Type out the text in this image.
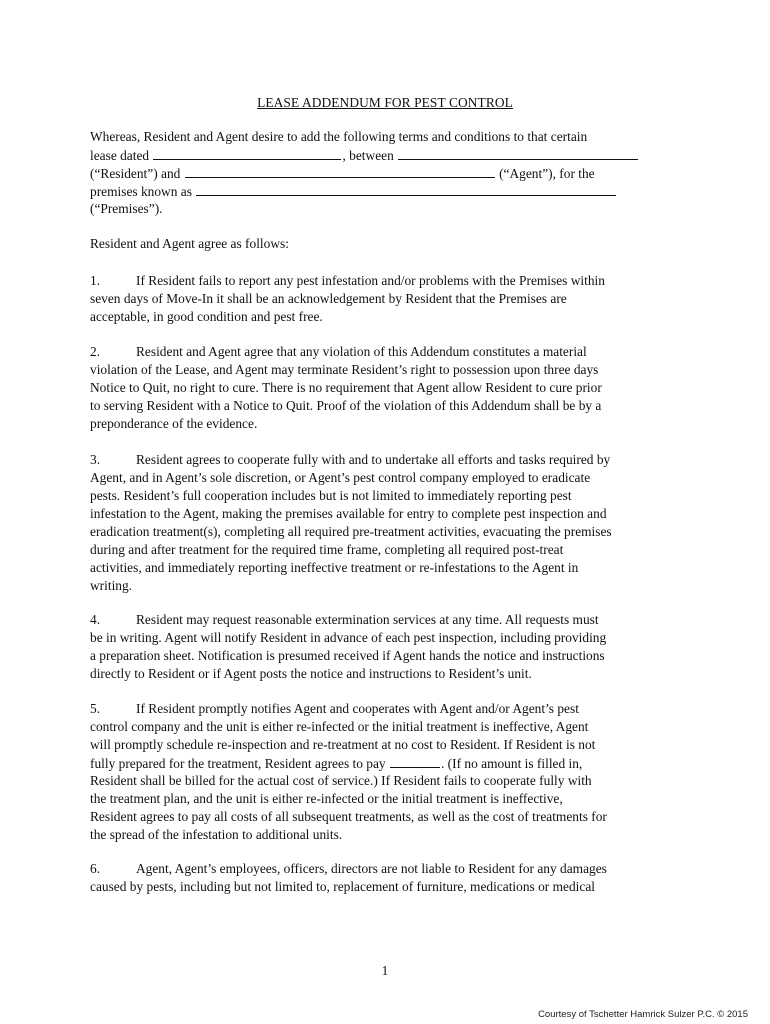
LEASE ADDENDUM FOR PEST CONTROL
Whereas, Resident and Agent desire to add the following terms and conditions to that certain
lease dated	, between
(“Resident”) and	(“Agent”), for the
premises known as
(“Premises”).
Resident and Agent agree as follows:
1.	If Resident fails to report any pest infestation and/or problems with the Premises within
seven days of Move-In it shall be an acknowledgement by Resident that the Premises are
acceptable, in good condition and pest free.
2.	Resident and Agent agree that any violation of this Addendum constitutes a material
violation of the Lease, and Agent may terminate Resident’s right to possession upon three days
Notice to Quit, no right to cure. There is no requirement that Agent allow Resident to cure prior
to serving Resident with a Notice to Quit. Proof of the violation of this Addendum shall be by a
preponderance of the evidence.
3.	Resident agrees to cooperate fully with and to undertake all efforts and tasks required by
Agent, and in Agent’s sole discretion, or Agent’s pest control company employed to eradicate
pests. Resident’s full cooperation includes but is not limited to immediately reporting pest
infestation to the Agent, making the premises available for entry to complete pest inspection and
eradication treatment(s), completing all required pre-treatment activities, evacuating the premises
during and after treatment for the required time frame, completing all required post-treat
activities, and immediately reporting ineffective treatment or re-infestations to the Agent in
writing.
4.	Resident may request reasonable extermination services at any time. All requests must
be in writing. Agent will notify Resident in advance of each pest inspection, including providing
a preparation sheet. Notification is presumed received if Agent hands the notice and instructions
directly to Resident or if Agent posts the notice and instructions to Resident’s unit.
5.	If Resident promptly notifies Agent and cooperates with Agent and/or Agent’s pest
control company and the unit is either re-infected or the initial treatment is ineffective, Agent
will promptly schedule re-inspection and re-treatment at no cost to Resident. If Resident is not
fully prepared for the treatment, Resident agrees to pay	. (If no amount is filled in,
Resident shall be billed for the actual cost of service.) If Resident fails to cooperate fully with
the treatment plan, and the unit is either re-infected or the initial treatment is ineffective,
Resident agrees to pay all costs of all subsequent treatments, as well as the cost of treatments for
the spread of the infestation to additional units.
6.	Agent, Agent’s employees, officers, directors are not liable to Resident for any damages
caused by pests, including but not limited to, replacement of furniture, medications or medical
1
Courtesy of Tschetter Hamrick Sulzer P.C. © 2015
